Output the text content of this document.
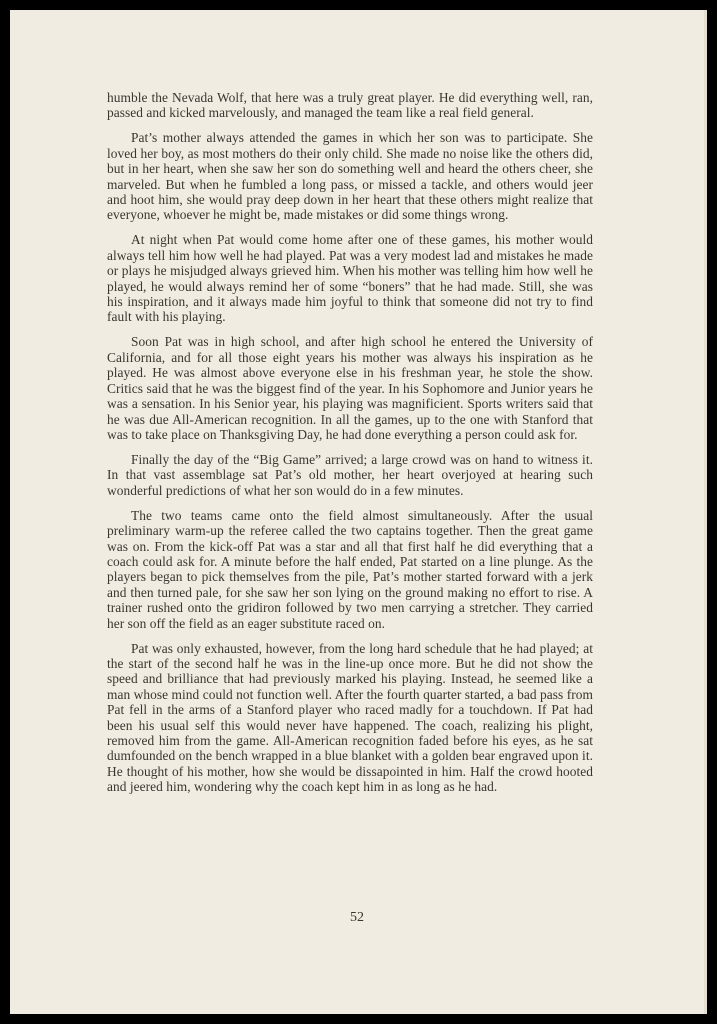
humble the Nevada Wolf, that here was a truly great player. He did everything well, ran, passed and kicked marvelously, and managed the team like a real field general.

Pat’s mother always attended the games in which her son was to participate. She loved her boy, as most mothers do their only child. She made no noise like the others did, but in her heart, when she saw her son do something well and heard the others cheer, she marveled. But when he fumbled a long pass, or missed a tackle, and others would jeer and hoot him, she would pray deep down in her heart that these others might realize that everyone, whoever he might be, made mistakes or did some things wrong.

At night when Pat would come home after one of these games, his mother would always tell him how well he had played. Pat was a very modest lad and mistakes he made or plays he misjudged always grieved him. When his mother was telling him how well he played, he would always remind her of some “boners” that he had made. Still, she was his inspiration, and it always made him joyful to think that someone did not try to find fault with his playing.

Soon Pat was in high school, and after high school he entered the University of California, and for all those eight years his mother was always his inspiration as he played. He was almost above everyone else in his freshman year, he stole the show. Critics said that he was the biggest find of the year. In his Sophomore and Junior years he was a sensation. In his Senior year, his playing was magnificient. Sports writers said that he was due All-American recognition. In all the games, up to the one with Stanford that was to take place on Thanksgiving Day, he had done everything a person could ask for.

Finally the day of the “Big Game” arrived; a large crowd was on hand to witness it. In that vast assemblage sat Pat’s old mother, her heart overjoyed at hearing such wonderful predictions of what her son would do in a few minutes.

The two teams came onto the field almost simultaneously. After the usual preliminary warm-up the referee called the two captains together. Then the great game was on. From the kick-off Pat was a star and all that first half he did everything that a coach could ask for. A minute before the half ended, Pat started on a line plunge. As the players began to pick themselves from the pile, Pat’s mother started forward with a jerk and then turned pale, for she saw her son lying on the ground making no effort to rise. A trainer rushed onto the gridiron followed by two men carrying a stretcher. They carried her son off the field as an eager substitute raced on.

Pat was only exhausted, however, from the long hard schedule that he had played; at the start of the second half he was in the line-up once more. But he did not show the speed and brilliance that had previously marked his playing. Instead, he seemed like a man whose mind could not function well. After the fourth quarter started, a bad pass from Pat fell in the arms of a Stanford player who raced madly for a touchdown. If Pat had been his usual self this would never have happened. The coach, realizing his plight, removed him from the game. All-American recognition faded before his eyes, as he sat dumfounded on the bench wrapped in a blue blanket with a golden bear engraved upon it. He thought of his mother, how she would be dissapointed in him. Half the crowd hooted and jeered him, wondering why the coach kept him in as long as he had.

52
